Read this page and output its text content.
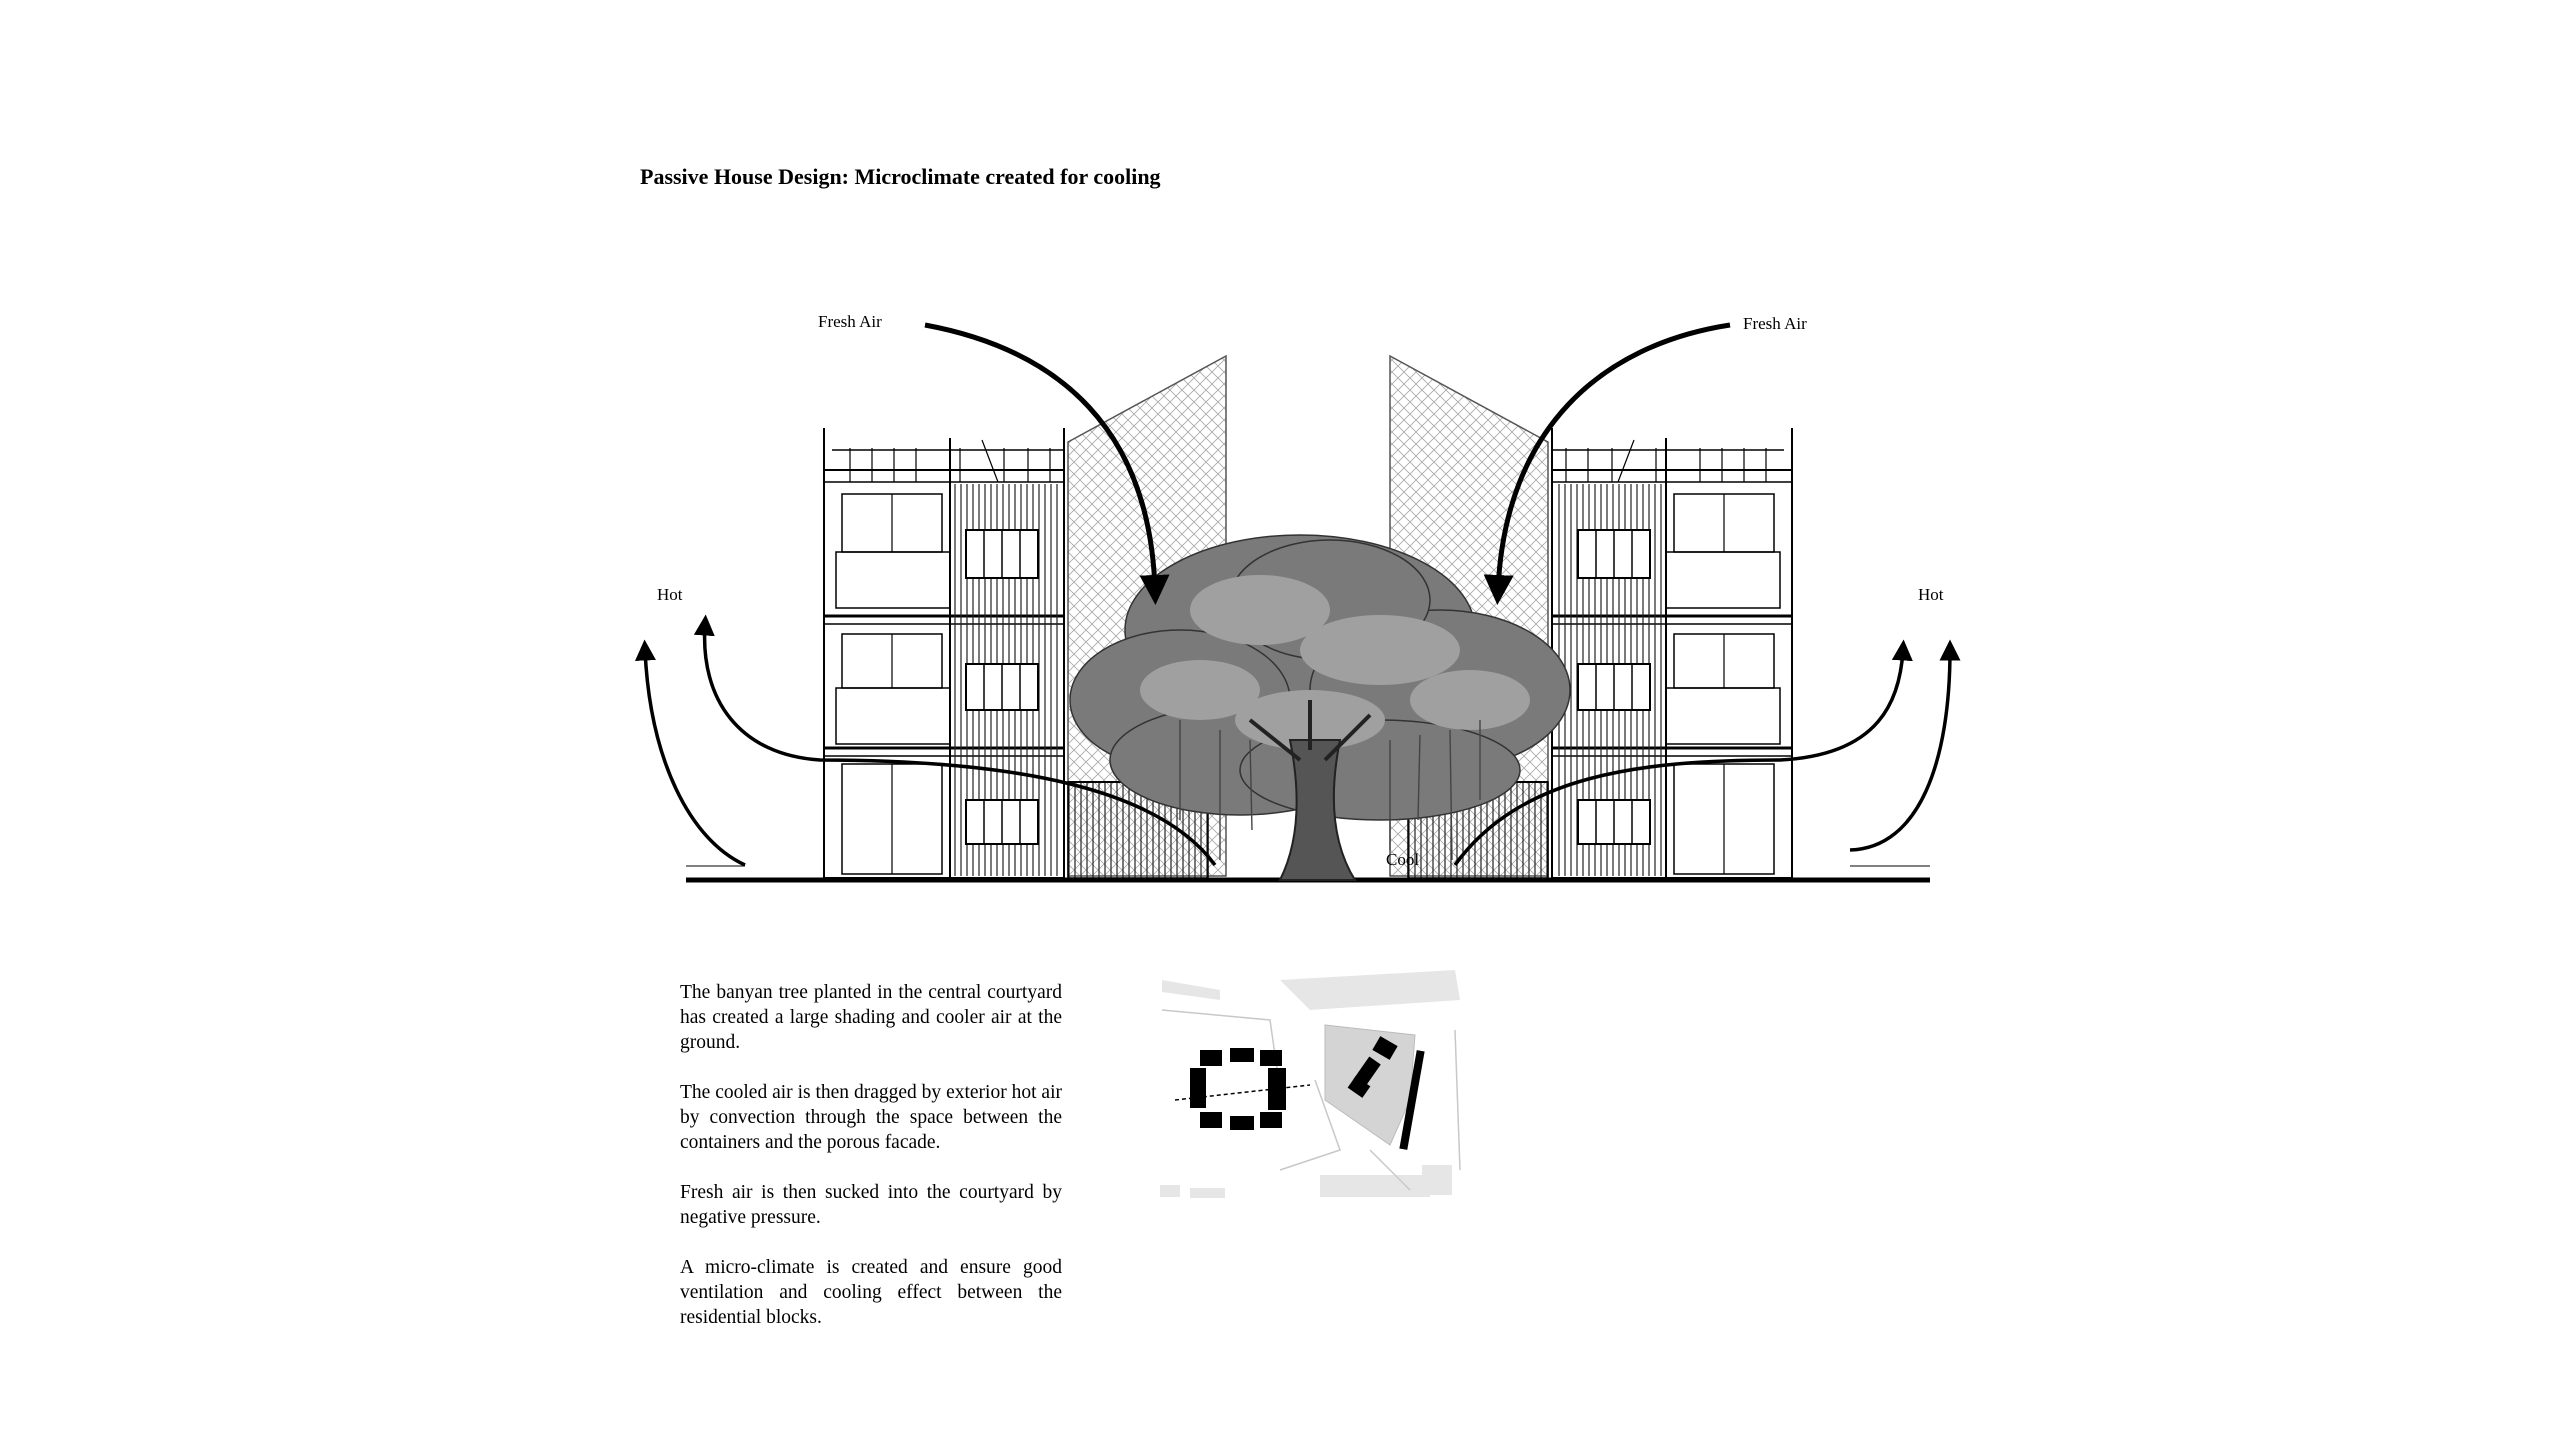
Passive House Design: Microclimate created for cooling
Fresh Air	Fresh Air
Hot	Hot
Cool

The banyan tree planted in the central courtyard has created a large shading and cooler air at the ground.

The cooled air is then dragged by exterior hot air by convection through the space between the containers and the porous facade.

Fresh air is then sucked into the courtyard by negative pressure.

A micro-climate is created and ensure good ventilation and cooling effect between the residential blocks.
